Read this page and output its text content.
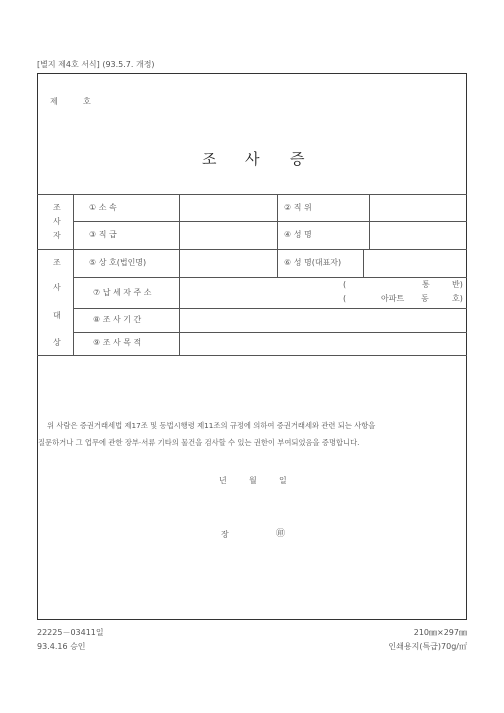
[별지 제4호 서식] (93.5.7. 개정)
제	호
조 사 증
조
사
자
① 소 속	② 직 위
③ 직 급	④ 성 명
조
사
대
상
⑤ 상 호(법인명)	⑥ 성 명(대표자)
⑦ 납 세 자 주 소
(	통	반)
(	아파트 동	호)
⑧ 조 사 기 간
⑨ 조 사 목 적
위 사람은 증권거래세법 제17조 및 동법시행령 제11조의 규정에 의하여 증권거래세와 관련 되는 사항을
질문하거나 그 업무에 관한 장부·서류 기타의 물건을 검사할 수 있는 권한이 부여되었음을 증명합니다.
년	월	일
장	㊞
22225－03411일
93.4.16 승인
210㎜×297㎜
인쇄용지(특급)70g/㎡
